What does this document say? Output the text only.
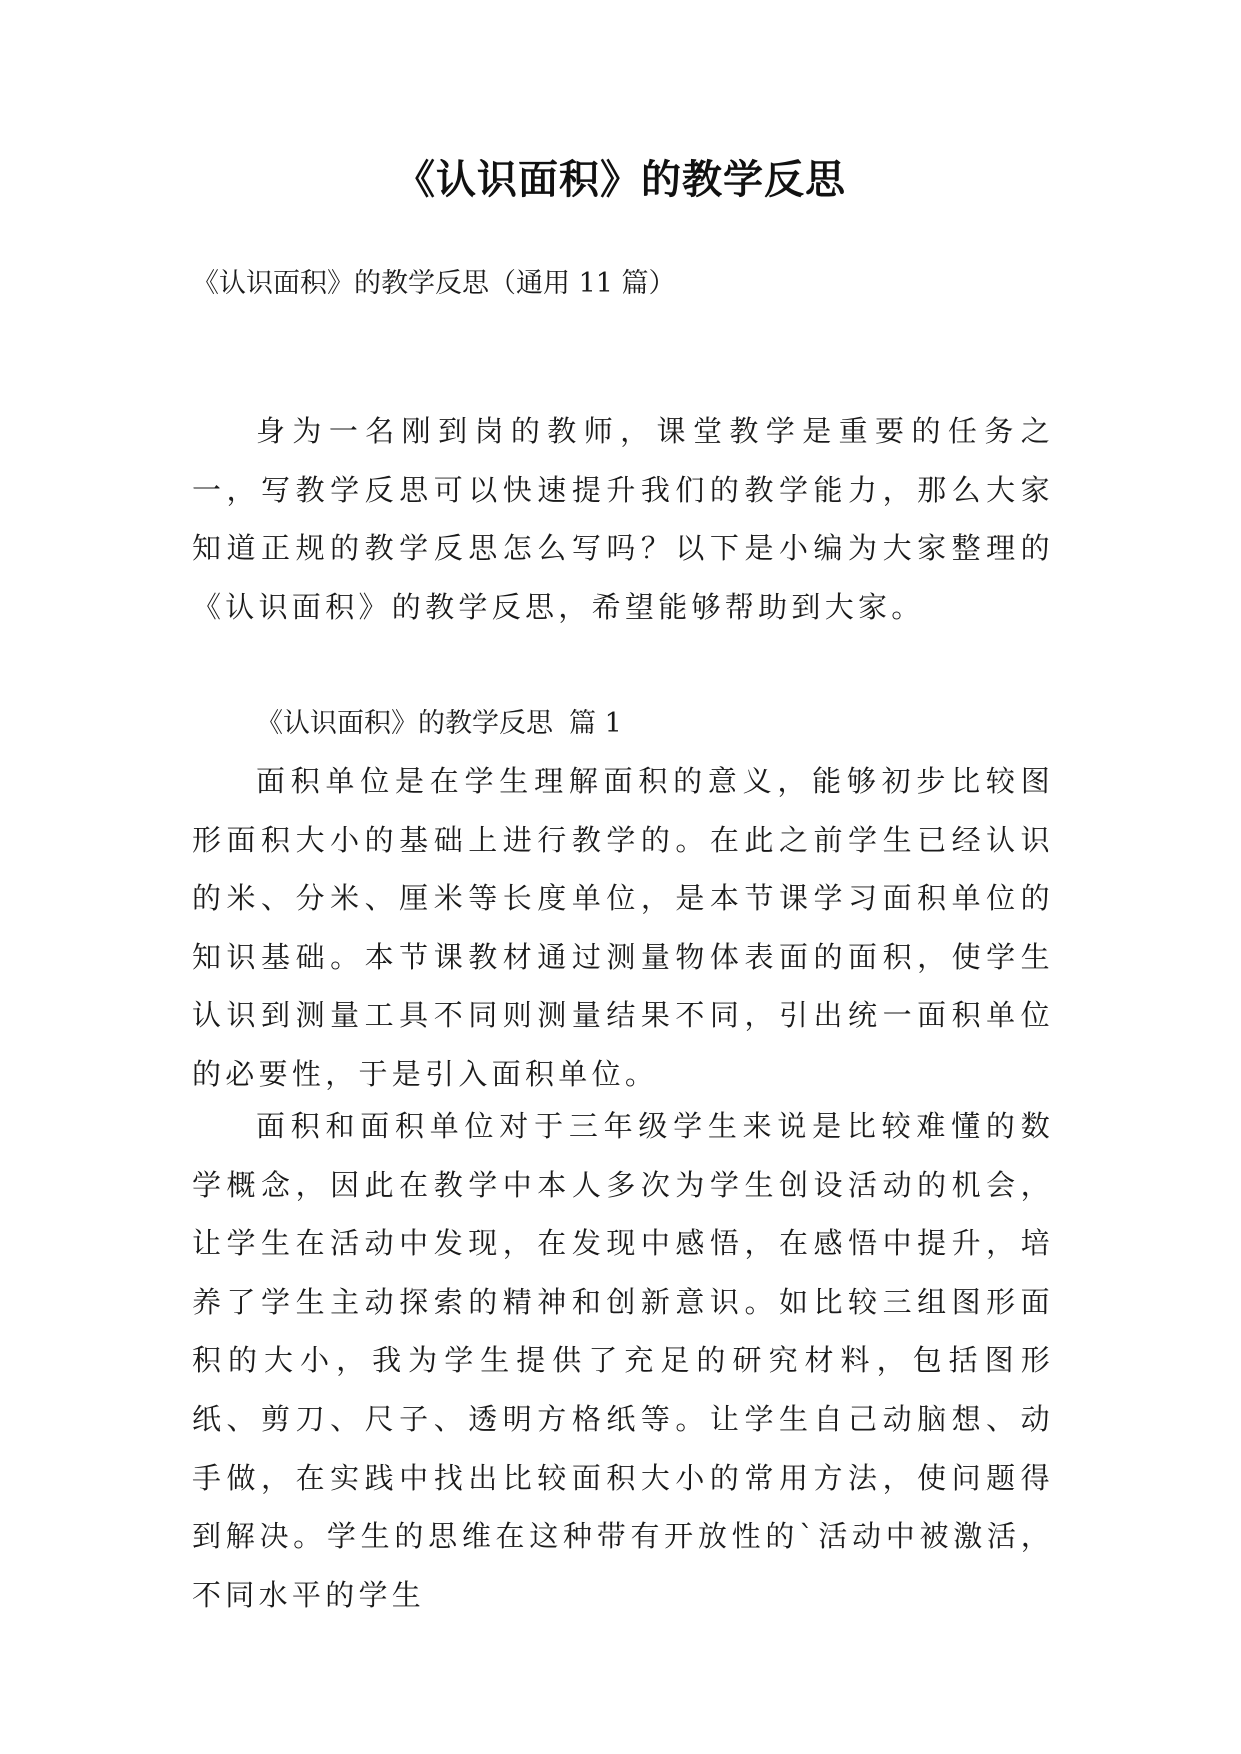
《认识面积》的教学反思
《认识面积》的教学反思（通用 11 篇）

身为一名刚到岗的教师，课堂教学是重要的任务之一，写教学反思可以快速提升我们的教学能力，那么大家知道正规的教学反思怎么写吗？以下是小编为大家整理的《认识面积》的教学反思，希望能够帮助到大家。

《认识面积》的教学反思 篇 1

面积单位是在学生理解面积的意义，能够初步比较图形面积大小的基础上进行教学的。在此之前学生已经认识的米、分米、厘米等长度单位，是本节课学习面积单位的知识基础。本节课教材通过测量物体表面的面积，使学生认识到测量工具不同则测量结果不同，引出统一面积单位的必要性，于是引入面积单位。

面积和面积单位对于三年级学生来说是比较难懂的数学概念，因此在教学中本人多次为学生创设活动的机会，让学生在活动中发现，在发现中感悟，在感悟中提升，培养了学生主动探索的精神和创新意识。如比较三组图形面积的大小，我为学生提供了充足的研究材料，包括图形纸、剪刀、尺子、透明方格纸等。让学生自己动脑想、动手做，在实践中找出比较面积大小的常用方法，使问题得到解决。学生的思维在这种带有开放性的`活动中被激活，不同水平的学生
